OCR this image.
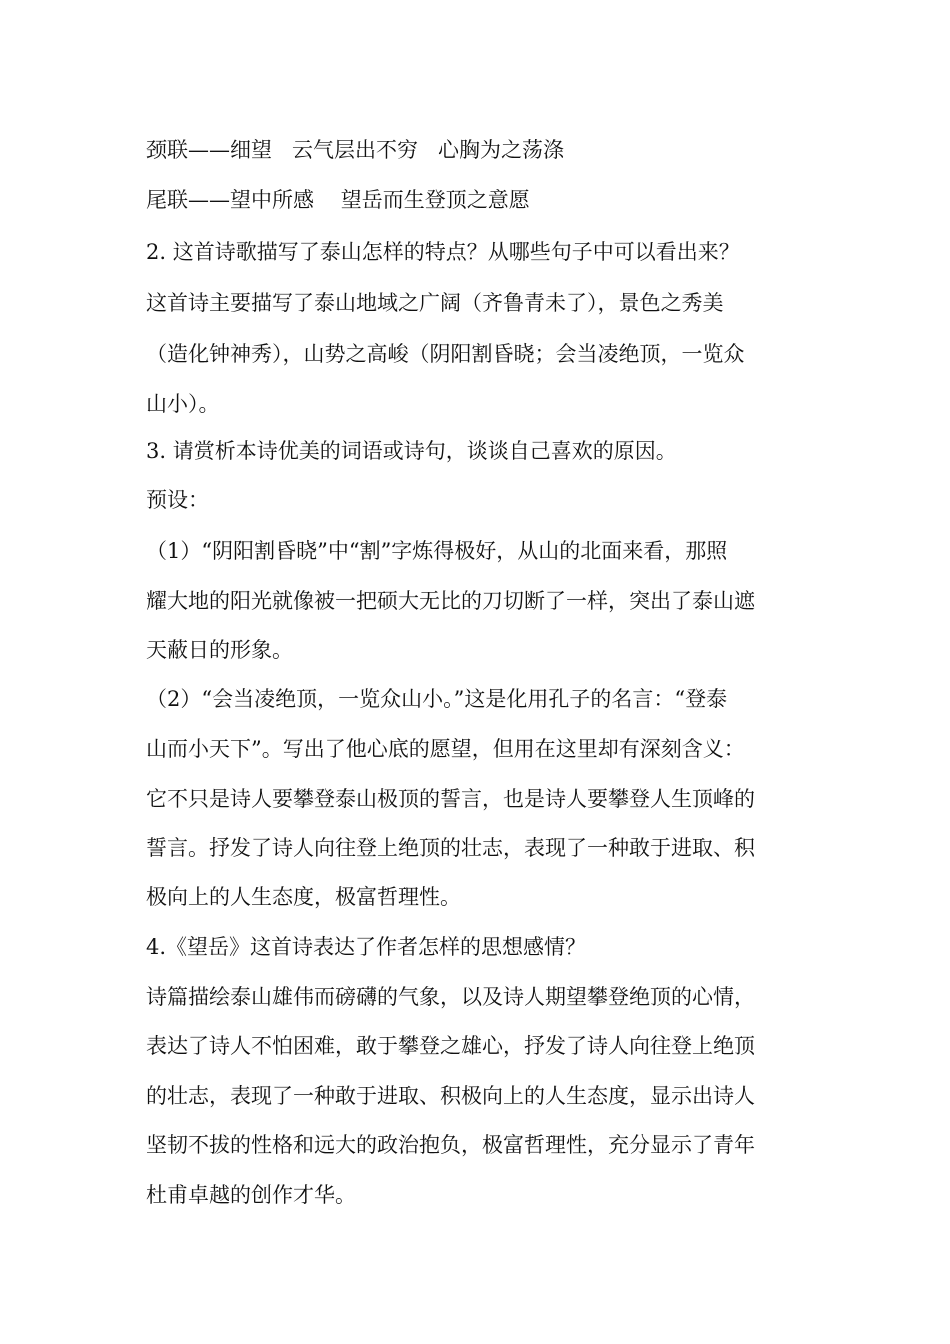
颈联——细望   云气层出不穷   心胸为之荡涤
尾联——望中所感    望岳而生登顶之意愿
2. 这首诗歌描写了泰山怎样的特点？从哪些句子中可以看出来？
这首诗主要描写了泰山地域之广阔（齐鲁青未了），景色之秀美
（造化钟神秀），山势之高峻（阴阳割昏晓；会当凌绝顶，一览众
山小）。
3. 请赏析本诗优美的词语或诗句，谈谈自己喜欢的原因。
预设：
（1）“阴阳割昏晓”中“割”字炼得极好，从山的北面来看，那照
耀大地的阳光就像被一把硕大无比的刀切断了一样，突出了泰山遮
天蔽日的形象。
（2）“会当凌绝顶，一览众山小。”这是化用孔子的名言：“登泰
山而小天下”。写出了他心底的愿望，但用在这里却有深刻含义：
它不只是诗人要攀登泰山极顶的誓言，也是诗人要攀登人生顶峰的
誓言。抒发了诗人向往登上绝顶的壮志，表现了一种敢于进取、积
极向上的人生态度，极富哲理性。
4.《望岳》这首诗表达了作者怎样的思想感情？
诗篇描绘泰山雄伟而磅礴的气象，以及诗人期望攀登绝顶的心情，
表达了诗人不怕困难，敢于攀登之雄心，抒发了诗人向往登上绝顶
的壮志，表现了一种敢于进取、积极向上的人生态度，显示出诗人
坚韧不拔的性格和远大的政治抱负，极富哲理性，充分显示了青年
杜甫卓越的创作才华。
